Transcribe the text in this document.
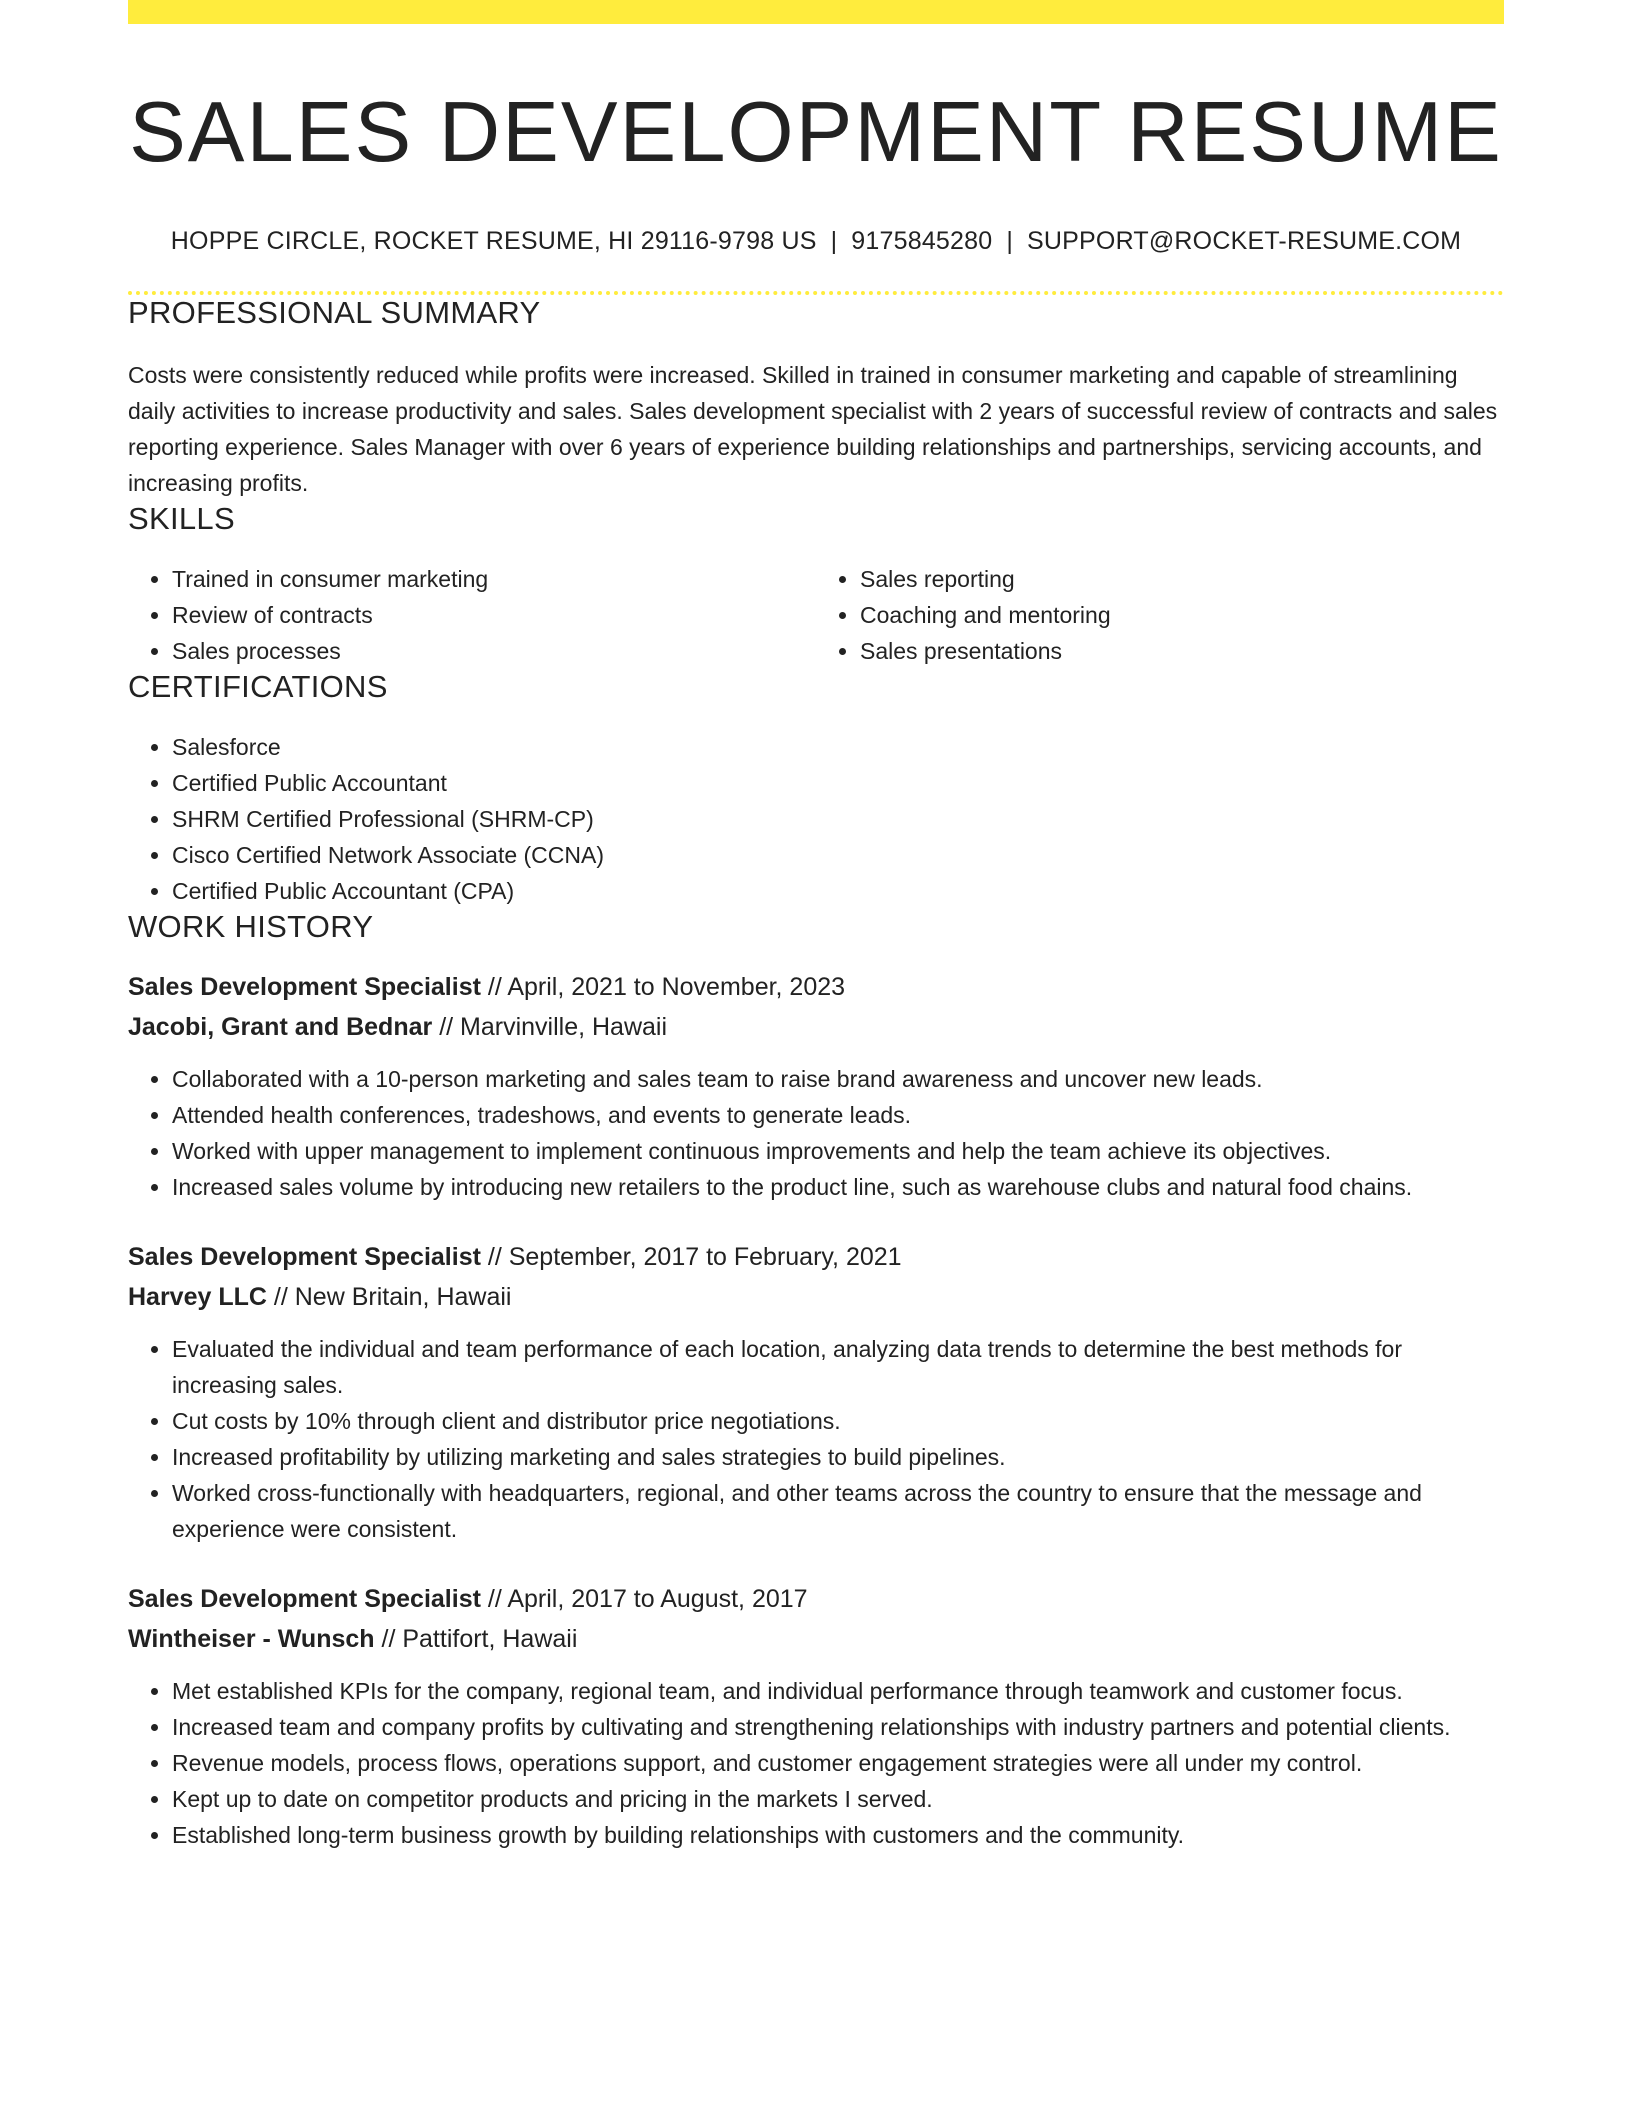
SALES DEVELOPMENT RESUME
HOPPE CIRCLE, ROCKET RESUME, HI 29116-9798 US | 9175845280 | SUPPORT@ROCKET-RESUME.COM
PROFESSIONAL SUMMARY
Costs were consistently reduced while profits were increased. Skilled in trained in consumer marketing and capable of streamlining daily activities to increase productivity and sales. Sales development specialist with 2 years of successful review of contracts and sales reporting experience. Sales Manager with over 6 years of experience building relationships and partnerships, servicing accounts, and increasing profits.
SKILLS
• Trained in consumer marketing
• Review of contracts
• Sales processes
• Sales reporting
• Coaching and mentoring
• Sales presentations
CERTIFICATIONS
• Salesforce
• Certified Public Accountant
• SHRM Certified Professional (SHRM-CP)
• Cisco Certified Network Associate (CCNA)
• Certified Public Accountant (CPA)
WORK HISTORY
Sales Development Specialist // April, 2021 to November, 2023
Jacobi, Grant and Bednar // Marvinville, Hawaii
• Collaborated with a 10-person marketing and sales team to raise brand awareness and uncover new leads.
• Attended health conferences, tradeshows, and events to generate leads.
• Worked with upper management to implement continuous improvements and help the team achieve its objectives.
• Increased sales volume by introducing new retailers to the product line, such as warehouse clubs and natural food chains.
Sales Development Specialist // September, 2017 to February, 2021
Harvey LLC // New Britain, Hawaii
• Evaluated the individual and team performance of each location, analyzing data trends to determine the best methods for increasing sales.
• Cut costs by 10% through client and distributor price negotiations.
• Increased profitability by utilizing marketing and sales strategies to build pipelines.
• Worked cross-functionally with headquarters, regional, and other teams across the country to ensure that the message and experience were consistent.
Sales Development Specialist // April, 2017 to August, 2017
Wintheiser - Wunsch // Pattifort, Hawaii
• Met established KPIs for the company, regional team, and individual performance through teamwork and customer focus.
• Increased team and company profits by cultivating and strengthening relationships with industry partners and potential clients.
• Revenue models, process flows, operations support, and customer engagement strategies were all under my control.
• Kept up to date on competitor products and pricing in the markets I served.
• Established long-term business growth by building relationships with customers and the community.
